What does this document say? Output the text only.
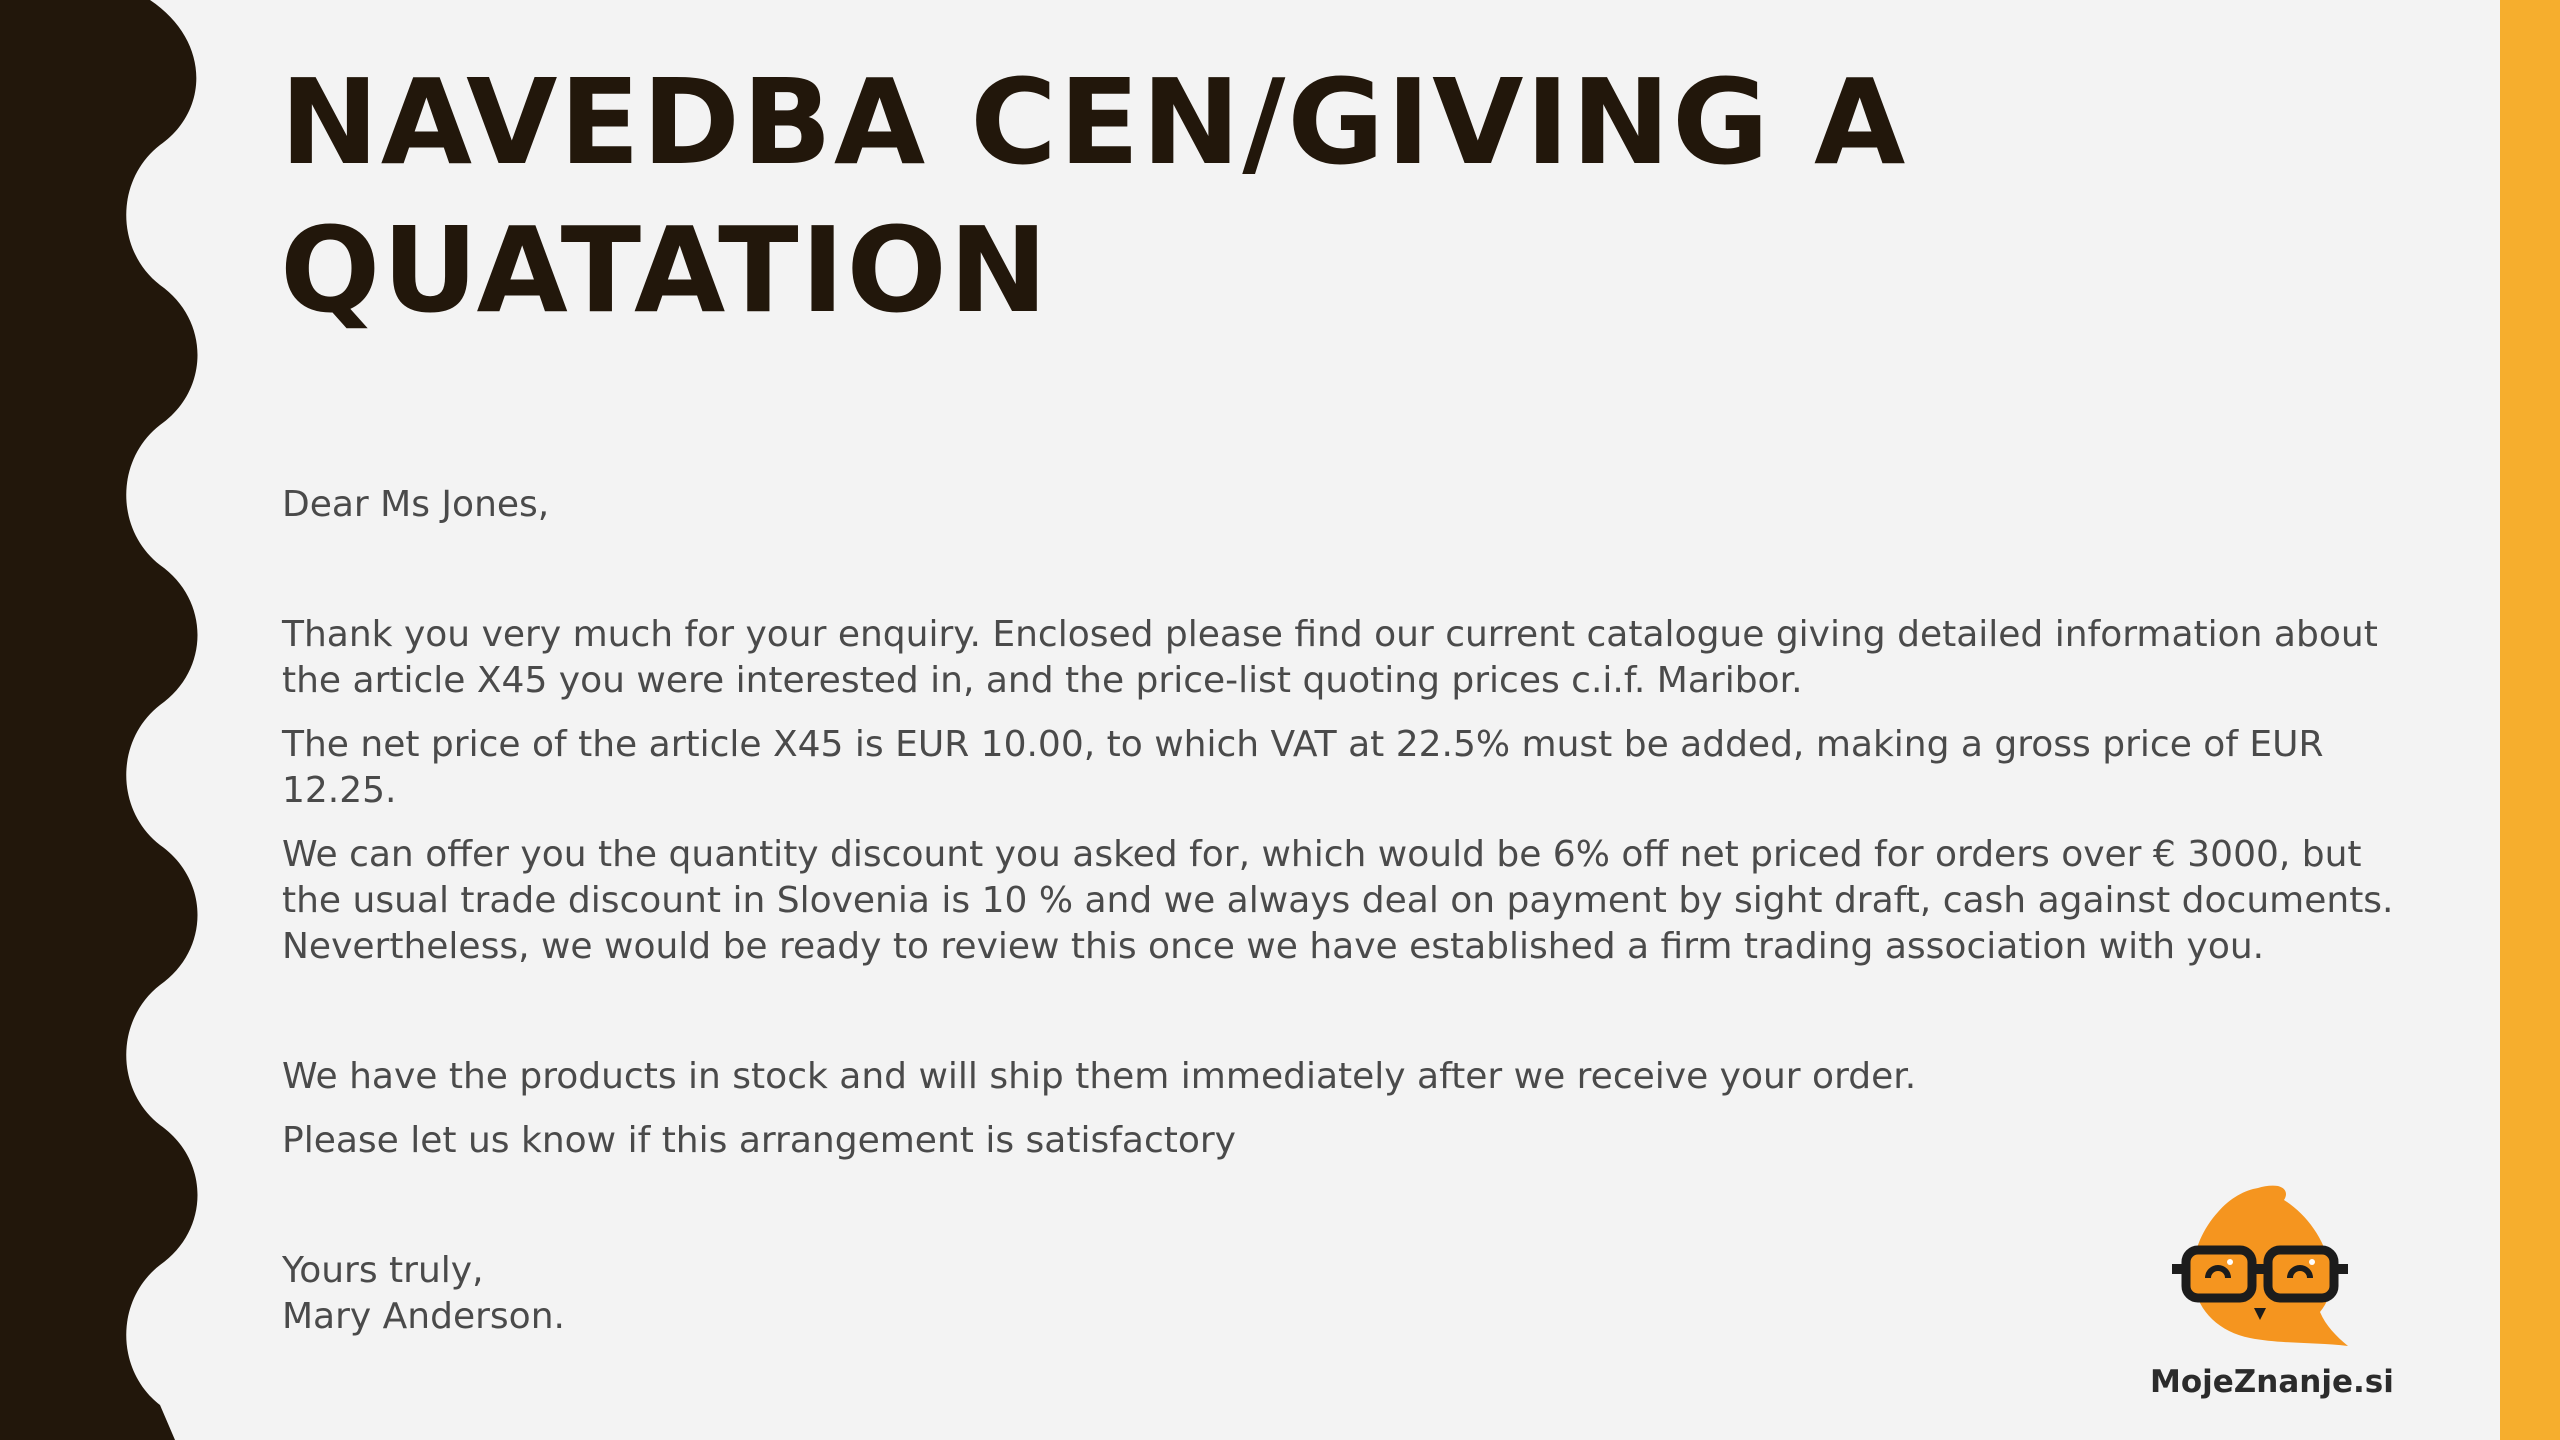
NAVEDBA CEN/GIVING A QUATATION

Dear Ms Jones,

Thank you very much for your enquiry. Enclosed please find our current catalogue giving detailed information about the article X45 you were interested in, and the price-list quoting prices c.i.f. Maribor.

The net price of the article X45 is EUR 10.00, to which VAT at 22.5% must be added, making a gross price of EUR 12.25.

We can offer you the quantity discount you asked for, which would be 6% off net priced for orders over € 3000, but the usual trade discount in Slovenia is 10 % and we always deal on payment by sight draft, cash against documents. Nevertheless, we would be ready to review this once we have established a firm trading association with you.

We have the products in stock and will ship them immediately after we receive your order.

Please let us know if this arrangement is satisfactory

Yours truly,

Mary Anderson.

MojeZnanje.si
